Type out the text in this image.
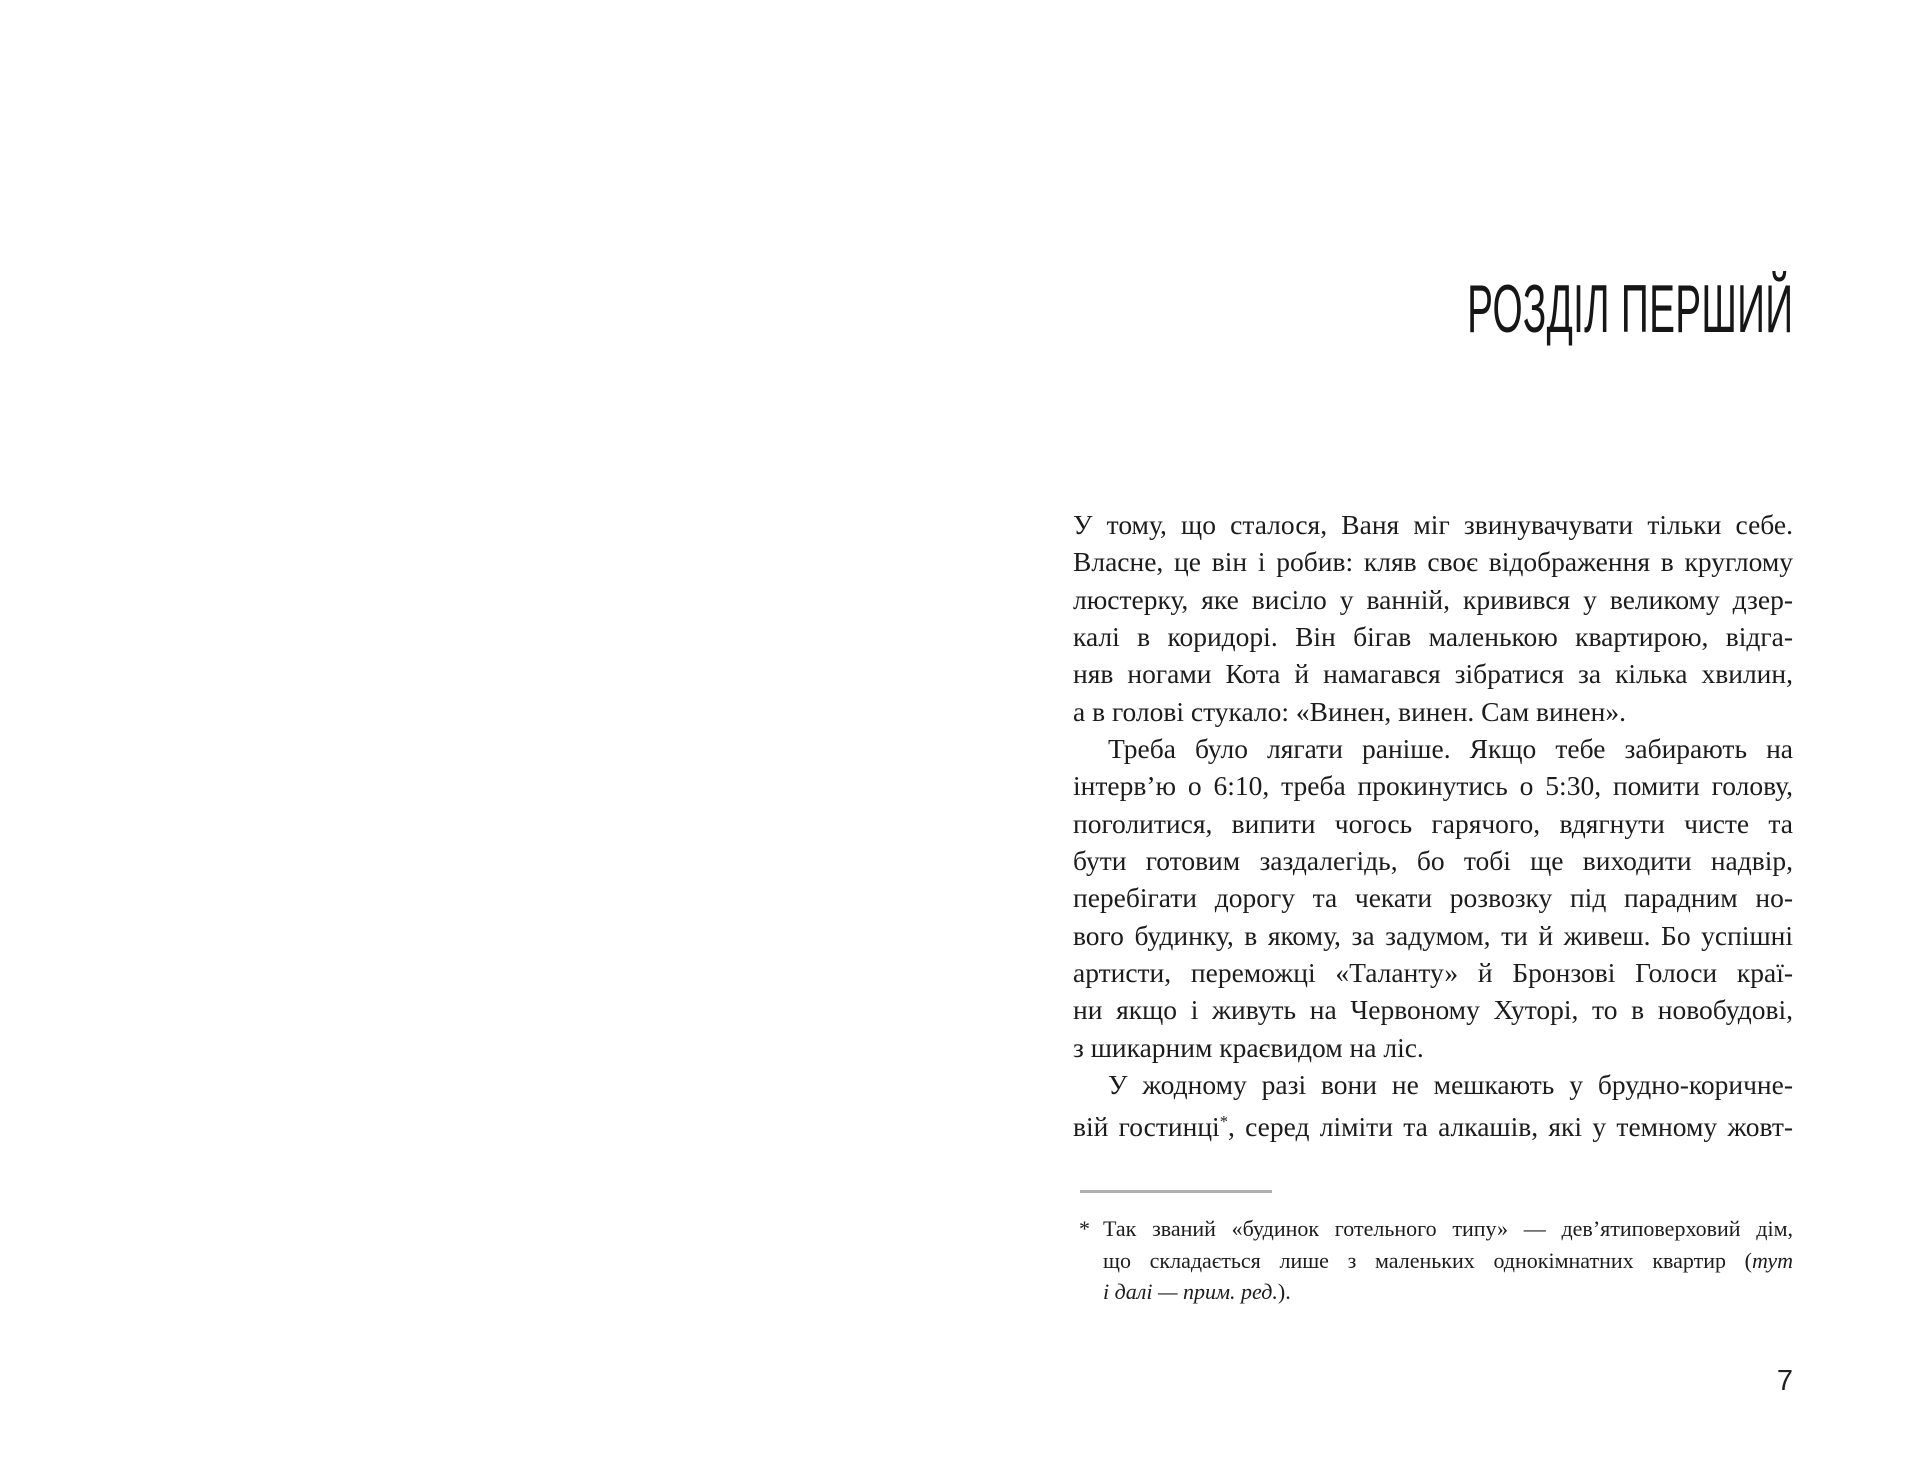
РОЗДІЛ ПЕРШИЙ
У тому, що сталося, Ваня міг звинувачувати тільки себе.
Власне, це він і робив: кляв своє відображення в круглому
люстерку, яке висіло у ванній, кривився у великому дзер-
калі в коридорі. Він бігав маленькою квартирою, відга-
няв ногами Кота й намагався зібратися за кілька хвилин,
а в голові стукало: «Винен, винен. Сам винен».
Треба було лягати раніше. Якщо тебе забирають на
інтерв’ю о 6:10, треба прокинутись о 5:30, помити голову,
поголитися, випити чогось гарячого, вдягнути чисте та
бути готовим заздалегідь, бо тобі ще виходити надвір,
перебігати дорогу та чекати розвозку під парадним но-
вого будинку, в якому, за задумом, ти й живеш. Бо успішні
артисти, переможці «Таланту» й Бронзові Голоси краї-
ни якщо і живуть на Червоному Хуторі, то в новобудові,
з шикарним краєвидом на ліс.
У жодному разі вони не мешкають у брудно-коричне-
вій гостинці*, серед ліміти та алкашів, які у темному жовт-
* Так званий «будинок готельного типу» — дев’ятиповерховий дім,
що складається лише з маленьких однокімнатних квартир (тут
і далі — прим. ред.).
7
